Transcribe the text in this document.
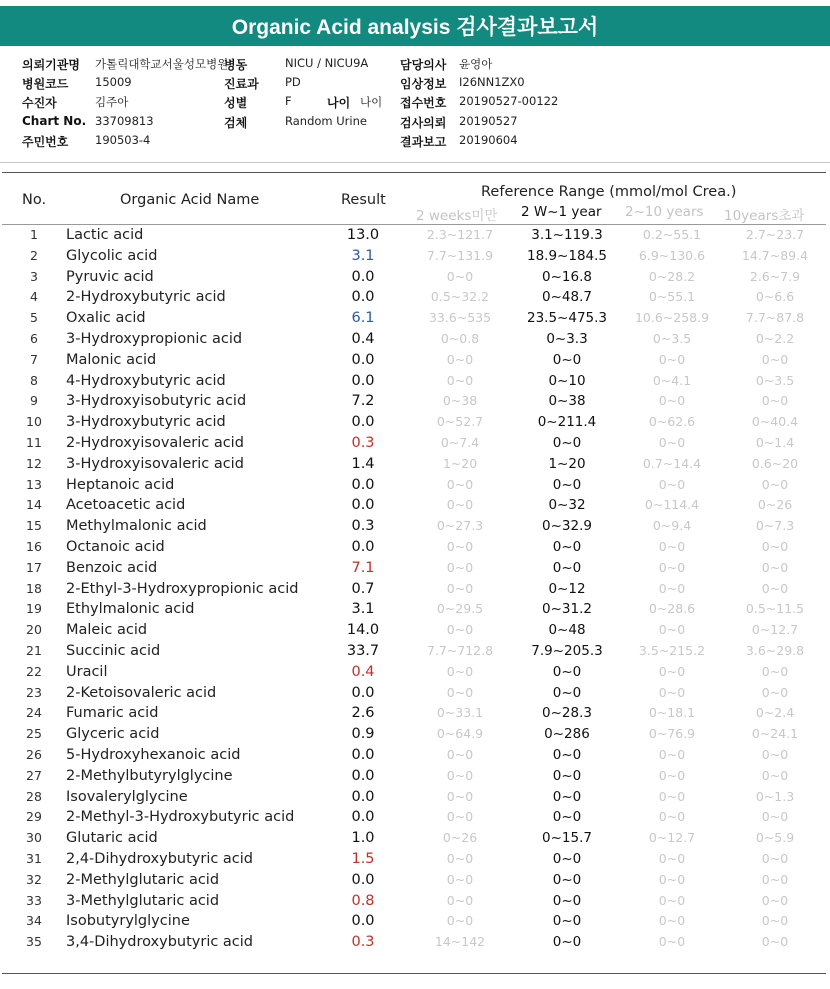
Organic Acid analysis 검사결과보고서
의뢰기관명 가톨릭대학교서울성모병원
병동	NICU / NICU9A	담당의사 윤영아
병원코드 15009	진료과 PD	임상정보 I26NN1ZX0
수진자	김주아	성별	F	나이 나이 접수번호 20190527-00122
Chart No. 33709813	검체	Random Urine	검사의뢰 20190527
주민번호 190503-4	결과보고 20190604
No.	Organic Acid Name	Result	Reference Range (mmol/mol Crea.)
2 weeks미만 2 W~1 year 2~10 years 10years초과
1	Lactic acid	13.0	2.3~121.7	3.1~119.3	0.2~55.1	2.7~23.7
2	Glycolic acid	3.1	7.7~131.9	18.9~184.5	6.9~130.6	14.7~89.4
3	Pyruvic acid	0.0	0~0	0~16.8	0~28.2	2.6~7.9
4	2-Hydroxybutyric acid	0.0	0.5~32.2	0~48.7	0~55.1	0~6.6
5	Oxalic acid	6.1	33.6~535	23.5~475.3	10.6~258.9	7.7~87.8
6	3-Hydroxypropionic acid	0.4	0~0.8	0~3.3	0~3.5	0~2.2
7	Malonic acid	0.0	0~0	0~0	0~0	0~0
8	4-Hydroxybutyric acid	0.0	0~0	0~10	0~4.1	0~3.5
9	3-Hydroxyisobutyric acid	7.2	0~38	0~38	0~0	0~0
10 3-Hydroxybutyric acid	0.0	0~52.7	0~211.4	0~62.6	0~40.4
11 2-Hydroxyisovaleric acid	0.3	0~7.4	0~0	0~0	0~1.4
12 3-Hydroxyisovaleric acid	1.4	1~20	1~20	0.7~14.4	0.6~20
13 Heptanoic acid	0.0	0~0	0~0	0~0	0~0
14 Acetoacetic acid	0.0	0~0	0~32	0~114.4	0~26
15 Methylmalonic acid	0.3	0~27.3	0~32.9	0~9.4	0~7.3
16 Octanoic acid	0.0	0~0	0~0	0~0	0~0
17 Benzoic acid	7.1	0~0	0~0	0~0	0~0
18 2-Ethyl-3-Hydroxypropionic acid	0.7	0~0	0~12	0~0	0~0
19 Ethylmalonic acid	3.1	0~29.5	0~31.2	0~28.6	0.5~11.5
20 Maleic acid	14.0	0~0	0~48	0~0	0~12.7
21 Succinic acid	33.7	7.7~712.8	7.9~205.3	3.5~215.2	3.6~29.8
22 Uracil	0.4	0~0	0~0	0~0	0~0
23 2-Ketoisovaleric acid	0.0	0~0	0~0	0~0	0~0
24 Fumaric acid	2.6	0~33.1	0~28.3	0~18.1	0~2.4
25 Glyceric acid	0.9	0~64.9	0~286	0~76.9	0~24.1
26 5-Hydroxyhexanoic acid	0.0	0~0	0~0	0~0	0~0
27 2-Methylbutyrylglycine	0.0	0~0	0~0	0~0	0~0
28 Isovalerylglycine	0.0	0~0	0~0	0~0	0~1.3
29 2-Methyl-3-Hydroxybutyric acid	0.0	0~0	0~0	0~0	0~0
30 Glutaric acid	1.0	0~26	0~15.7	0~12.7	0~5.9
31 2,4-Dihydroxybutyric acid	1.5	0~0	0~0	0~0	0~0
32 2-Methylglutaric acid	0.0	0~0	0~0	0~0	0~0
33 3-Methylglutaric acid	0.8	0~0	0~0	0~0	0~0
34 Isobutyrylglycine	0.0	0~0	0~0	0~0	0~0
35 3,4-Dihydroxybutyric acid	0.3	14~142	0~0	0~0	0~0
